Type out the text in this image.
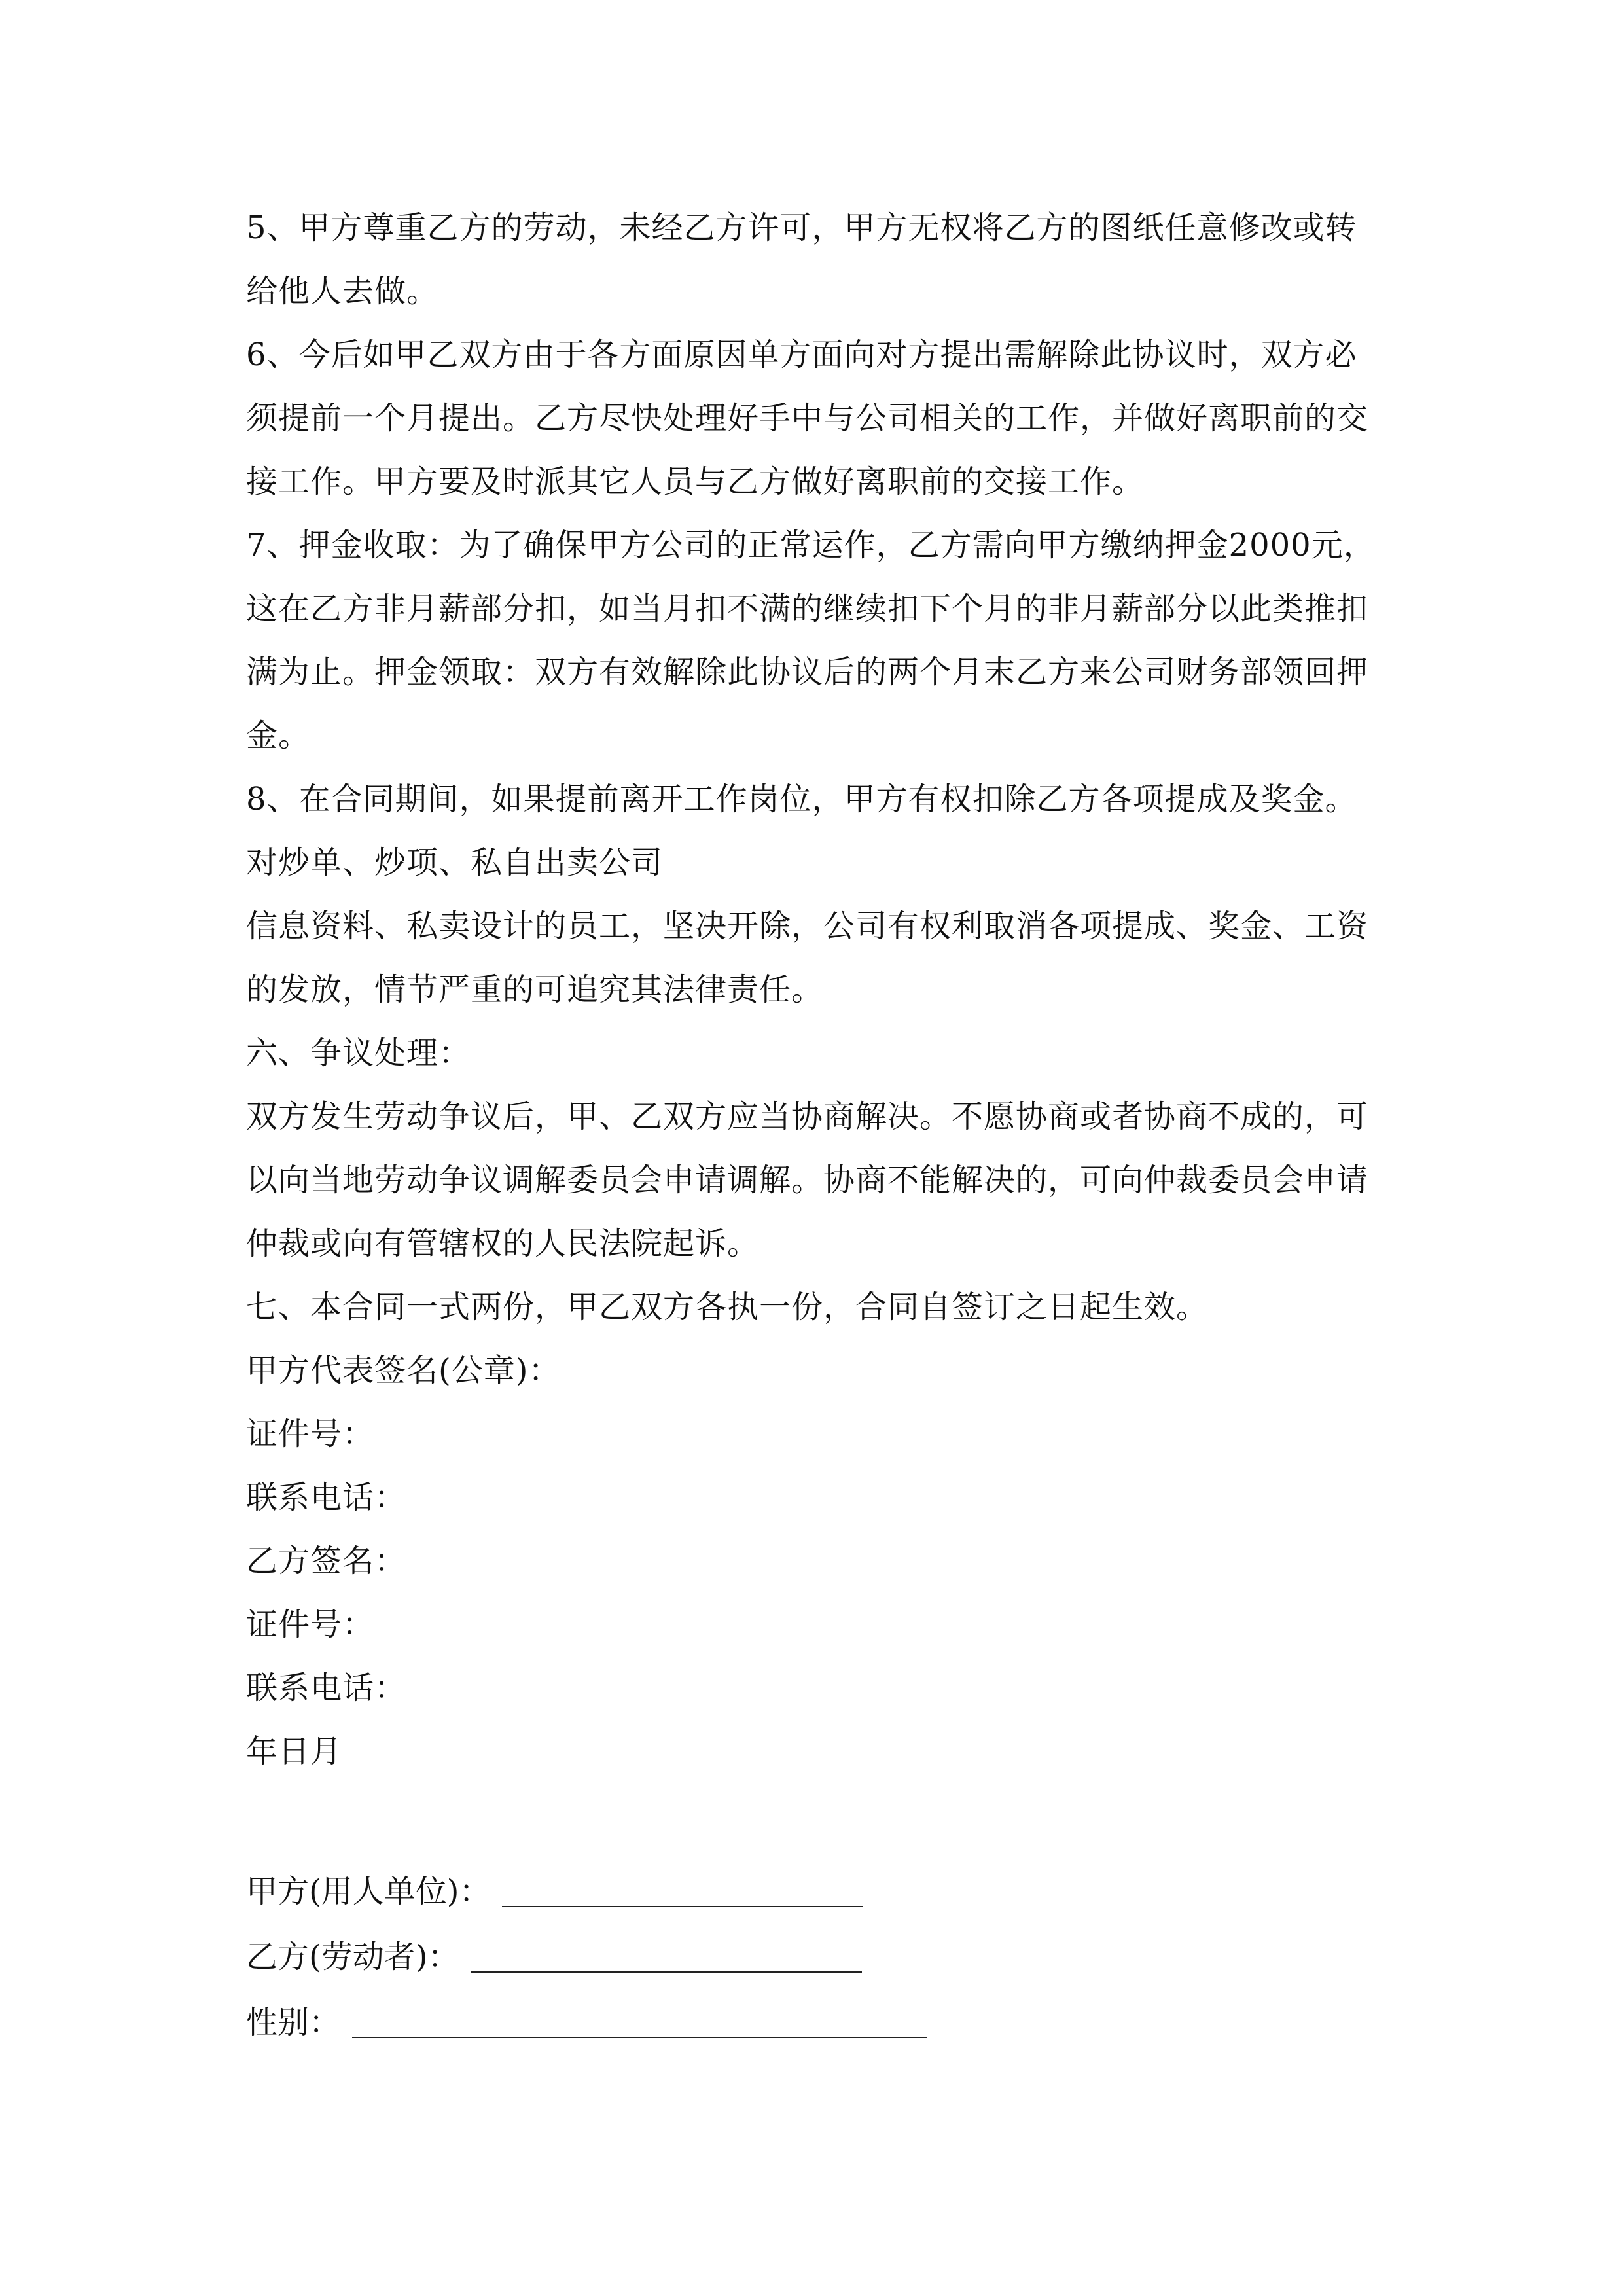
5、甲方尊重乙方的劳动，未经乙方许可，甲方无权将乙方的图纸任意修改或转给他人去做。

6、今后如甲乙双方由于各方面原因单方面向对方提出需解除此协议时，双方必须提前一个月提出。乙方尽快处理好手中与公司相关的工作，并做好离职前的交接工作。甲方要及时派其它人员与乙方做好离职前的交接工作。

7、押金收取：为了确保甲方公司的正常运作，乙方需向甲方缴纳押金2000元，这在乙方非月薪部分扣，如当月扣不满的继续扣下个月的非月薪部分以此类推扣满为止。押金领取：双方有效解除此协议后的两个月末乙方来公司财务部领回押金。

8、在合同期间，如果提前离开工作岗位，甲方有权扣除乙方各项提成及奖金。

对炒单、炒项、私自出卖公司

信息资料、私卖设计的员工，坚决开除，公司有权利取消各项提成、奖金、工资的发放，情节严重的可追究其法律责任。

六、争议处理：

双方发生劳动争议后，甲、乙双方应当协商解决。不愿协商或者协商不成的，可以向当地劳动争议调解委员会申请调解。协商不能解决的，可向仲裁委员会申请仲裁或向有管辖权的人民法院起诉。

七、本合同一式两份，甲乙双方各执一份，合同自签订之日起生效。

甲方代表签名(公章)：

证件号：

联系电话：

乙方签名：

证件号：

联系电话：

年日月

甲方(用人单位)：
乙方(劳动者)：
性别：
